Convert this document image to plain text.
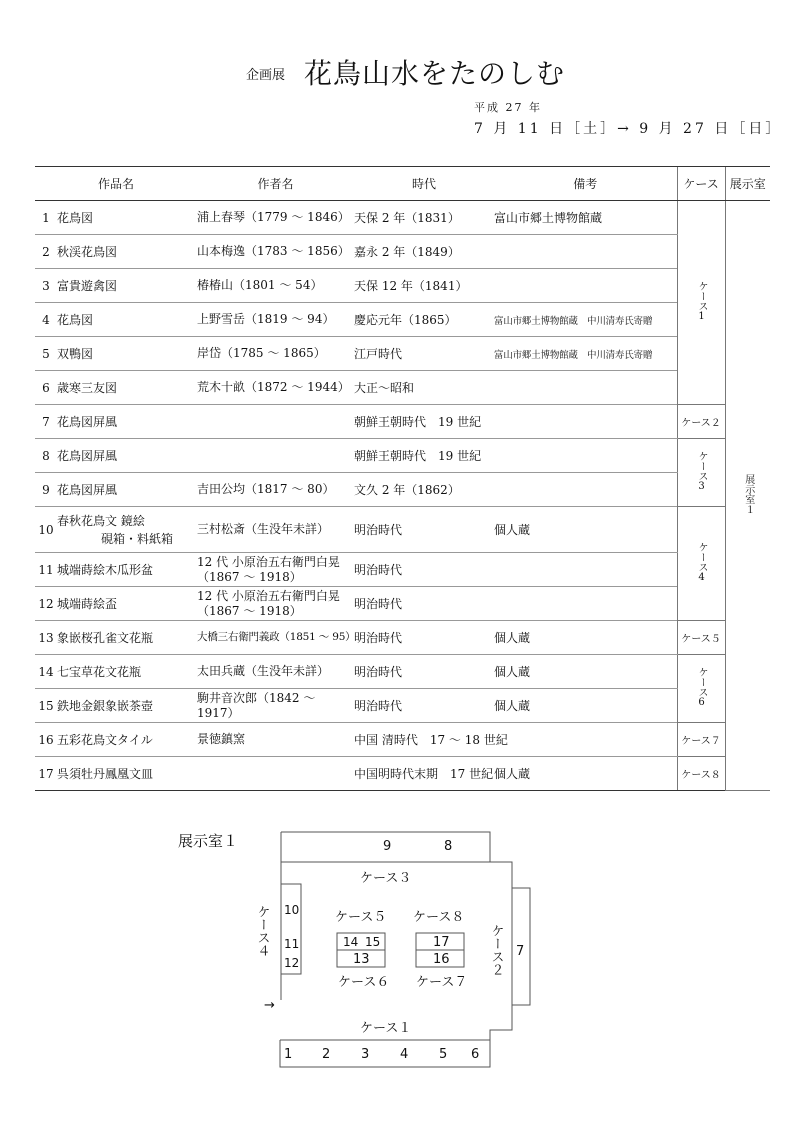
企画展 花鳥山水をたのしむ
平成 27 年
7 月 11 日［土］→ 9 月 27 日［日］
作品名		作者名	時代	備考	ケース	展示室
1	花鳥図	浦上春琴（1779 ～ 1846）	天保 2 年（1831）	富山市郷土博物館蔵	ケース1	展示室１
2	秋渓花鳥図	山本梅逸（1783 ～ 1856）	嘉永 2 年（1849）			
3	富貴遊禽図	椿椿山（1801 ～ 54）	天保 12 年（1841）			
4	花鳥図	上野雪岳（1819 ～ 94）	慶応元年（1865）	富山市郷土博物館蔵　中川清寿氏寄贈		
5	双鴨図	岸岱（1785 ～ 1865）	江戸時代	富山市郷土博物館蔵　中川清寿氏寄贈		
6	歳寒三友図	荒木十畝（1872 ～ 1944）	大正～昭和			
7	花鳥図屏風		朝鮮王朝時代　19 世紀		ケース２	
8	花鳥図屏風		朝鮮王朝時代　19 世紀		ケース3	
9	花鳥図屏風	吉田公均（1817 ～ 80）	文久 2 年（1862）			
10	春秋花鳥文 鏡絵
硯箱・料紙箱	三村松斎（生没年未詳）	明治時代	個人蔵	ケース4	
11	城端蒔絵木瓜形盆	12 代 小原治五右衛門白晃
（1867 ～ 1918）	明治時代			
12	城端蒔絵盃	12 代 小原治五右衛門白晃
（1867 ～ 1918）	明治時代			
13	象嵌桜孔雀文花瓶	大橋三右衛門義政（1851 ～ 95）	明治時代	個人蔵	ケース５	
14	七宝草花文花瓶	太田兵蔵（生没年未詳）	明治時代	個人蔵	ケース6	
15	鉄地金銀象嵌茶壺	駒井音次郎（1842 ～ 1917）	明治時代	個人蔵		
16	五彩花鳥文タイル	景徳鎮窯	中国 清時代　17 ～ 18 世紀		ケース７	
17	呉須牡丹鳳凰文皿		中国明時代末期　17 世紀	個人蔵	ケース８	
展示室１	9	8
ケース３
ケース４ 10
11
12
ケース５ ケース８
14 15
13
17
16
ケース６ ケース７
ケース２ 7
→
ケース１
1 2 3 4 5 6
